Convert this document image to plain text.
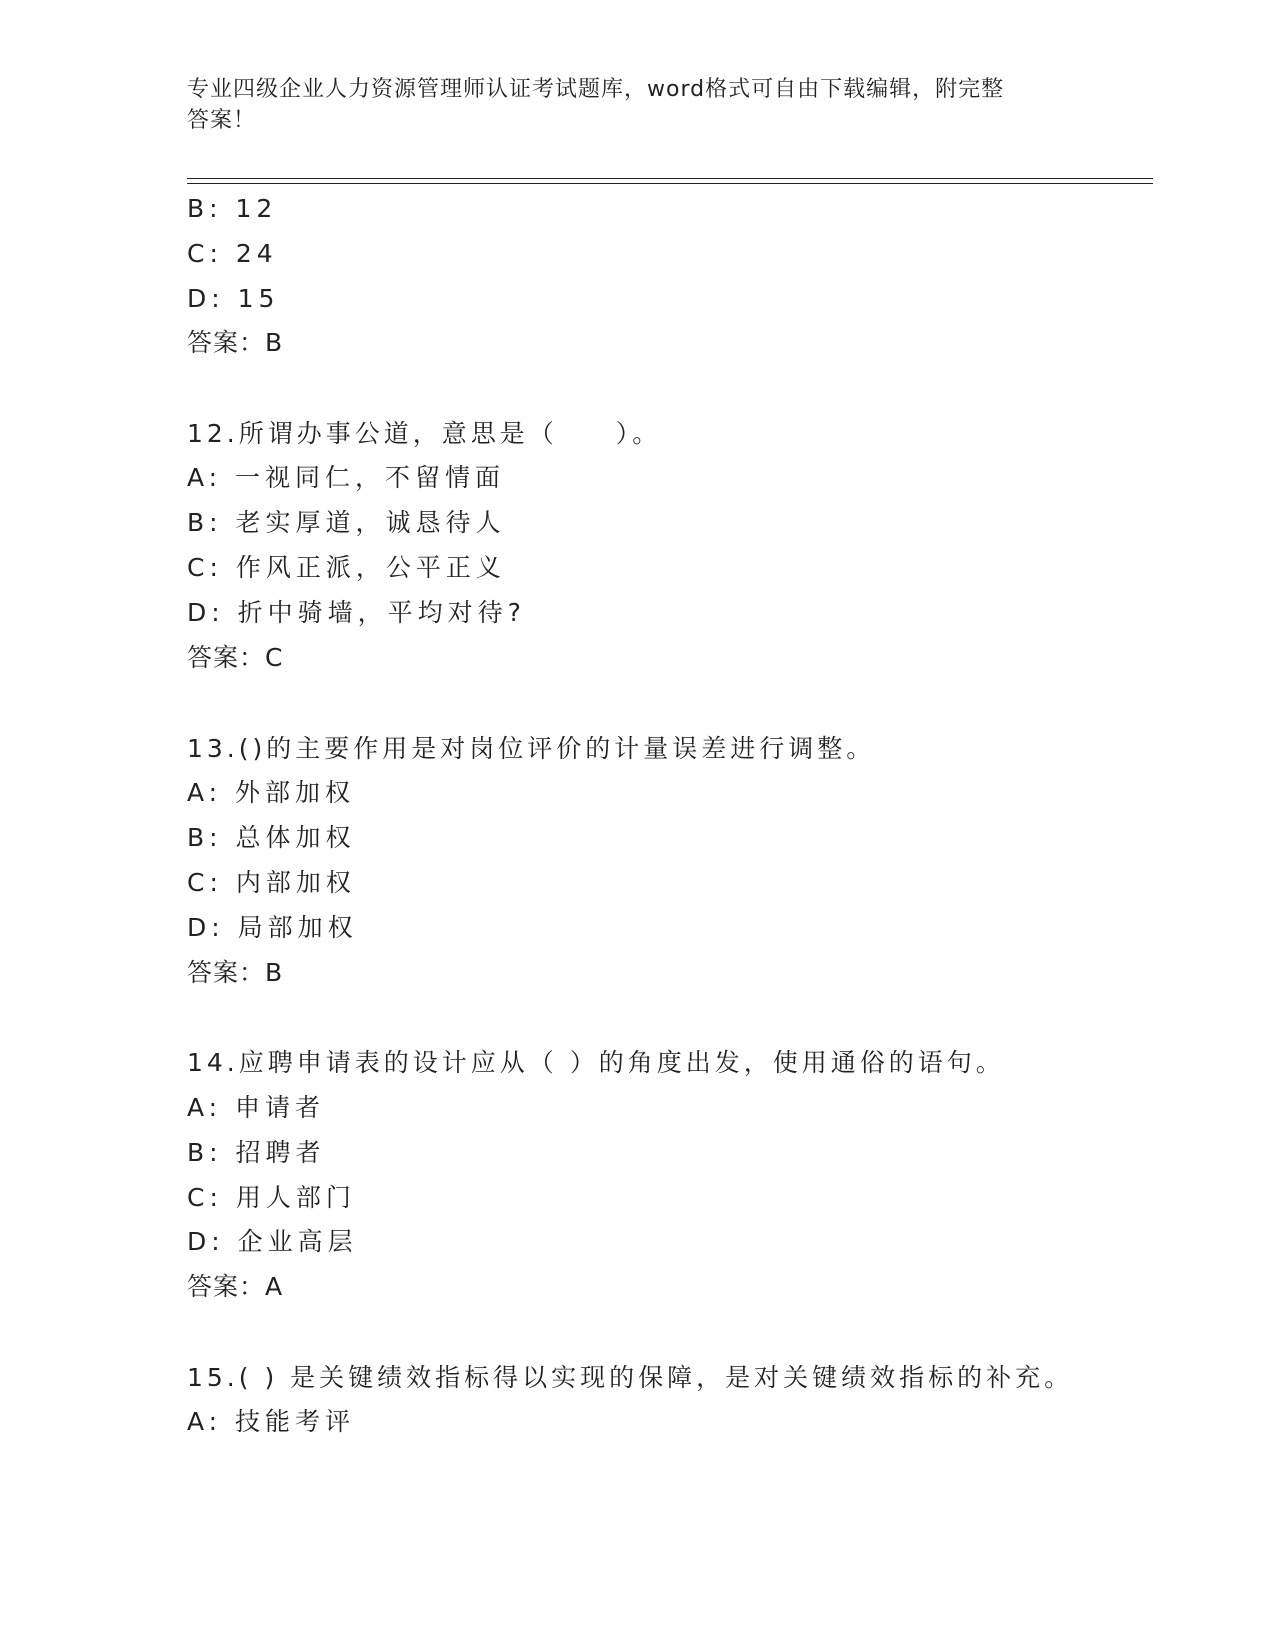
专业四级企业人力资源管理师认证考试题库，word格式可自由下载编辑，附完整
答案！
B: 12
C: 24
D: 15
答案：B
12.所谓办事公道，意思是（　　）。
A: 一视同仁，不留情面
B: 老实厚道，诚恳待人
C: 作风正派，公平正义
D: 折中骑墙，平均对待?
答案：C
13.()的主要作用是对岗位评价的计量误差进行调整。
A: 外部加权
B: 总体加权
C: 内部加权
D: 局部加权
答案：B
14.应聘申请表的设计应从（ ）的角度出发，使用通俗的语句。
A: 申请者
B: 招聘者
C: 用人部门
D: 企业高层
答案：A
15.( ) 是关键绩效指标得以实现的保障，是对关键绩效指标的补充。
A: 技能考评
